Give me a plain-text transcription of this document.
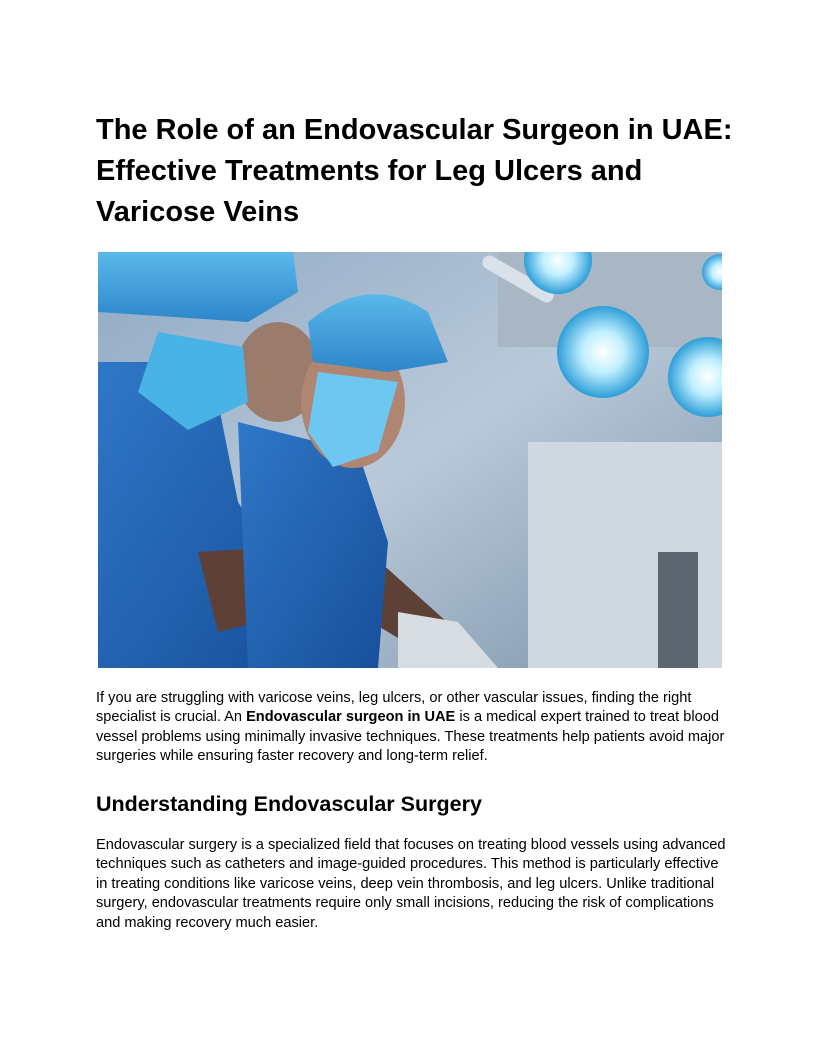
The Role of an Endovascular Surgeon in UAE: Effective Treatments for Leg Ulcers and Varicose Veins

If you are struggling with varicose veins, leg ulcers, or other vascular issues, finding the right specialist is crucial. An Endovascular surgeon in UAE is a medical expert trained to treat blood vessel problems using minimally invasive techniques. These treatments help patients avoid major surgeries while ensuring faster recovery and long-term relief.

Understanding Endovascular Surgery

Endovascular surgery is a specialized field that focuses on treating blood vessels using advanced techniques such as catheters and image-guided procedures. This method is particularly effective in treating conditions like varicose veins, deep vein thrombosis, and leg ulcers. Unlike traditional surgery, endovascular treatments require only small incisions, reducing the risk of complications and making recovery much easier.
